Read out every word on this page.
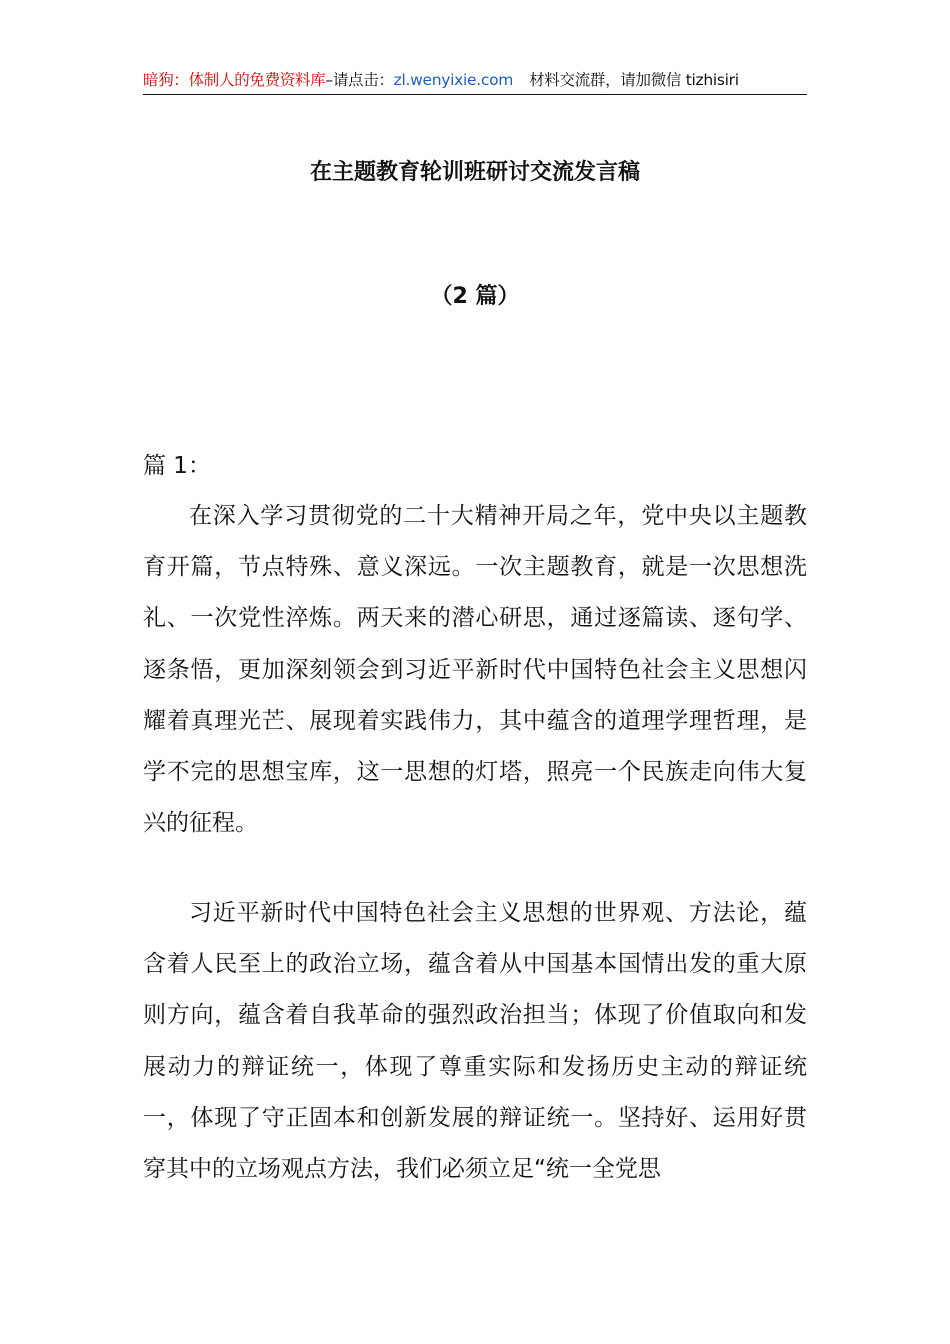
暗狗：体制人的免费资料库–请点击：zl.wenyixie.com 材料交流群，请加微信 tizhisiri
在主题教育轮训班研讨交流发言稿
（2 篇）
篇 1：

在深入学习贯彻党的二十大精神开局之年，党中央以主题教育开篇，节点特殊、意义深远。一次主题教育，就是一次思想洗礼、一次党性淬炼。两天来的潜心研思，通过逐篇读、逐句学、逐条悟，更加深刻领会到习近平新时代中国特色社会主义思想闪耀着真理光芒、展现着实践伟力，其中蕴含的道理学理哲理，是学不完的思想宝库，这一思想的灯塔，照亮一个民族走向伟大复兴的征程。

习近平新时代中国特色社会主义思想的世界观、方法论，蕴含着人民至上的政治立场，蕴含着从中国基本国情出发的重大原则方向，蕴含着自我革命的强烈政治担当；体现了价值取向和发展动力的辩证统一，体现了尊重实际和发扬历史主动的辩证统一，体现了守正固本和创新发展的辩证统一。坚持好、运用好贯穿其中的立场观点方法，我们必须立足“统一全党思
